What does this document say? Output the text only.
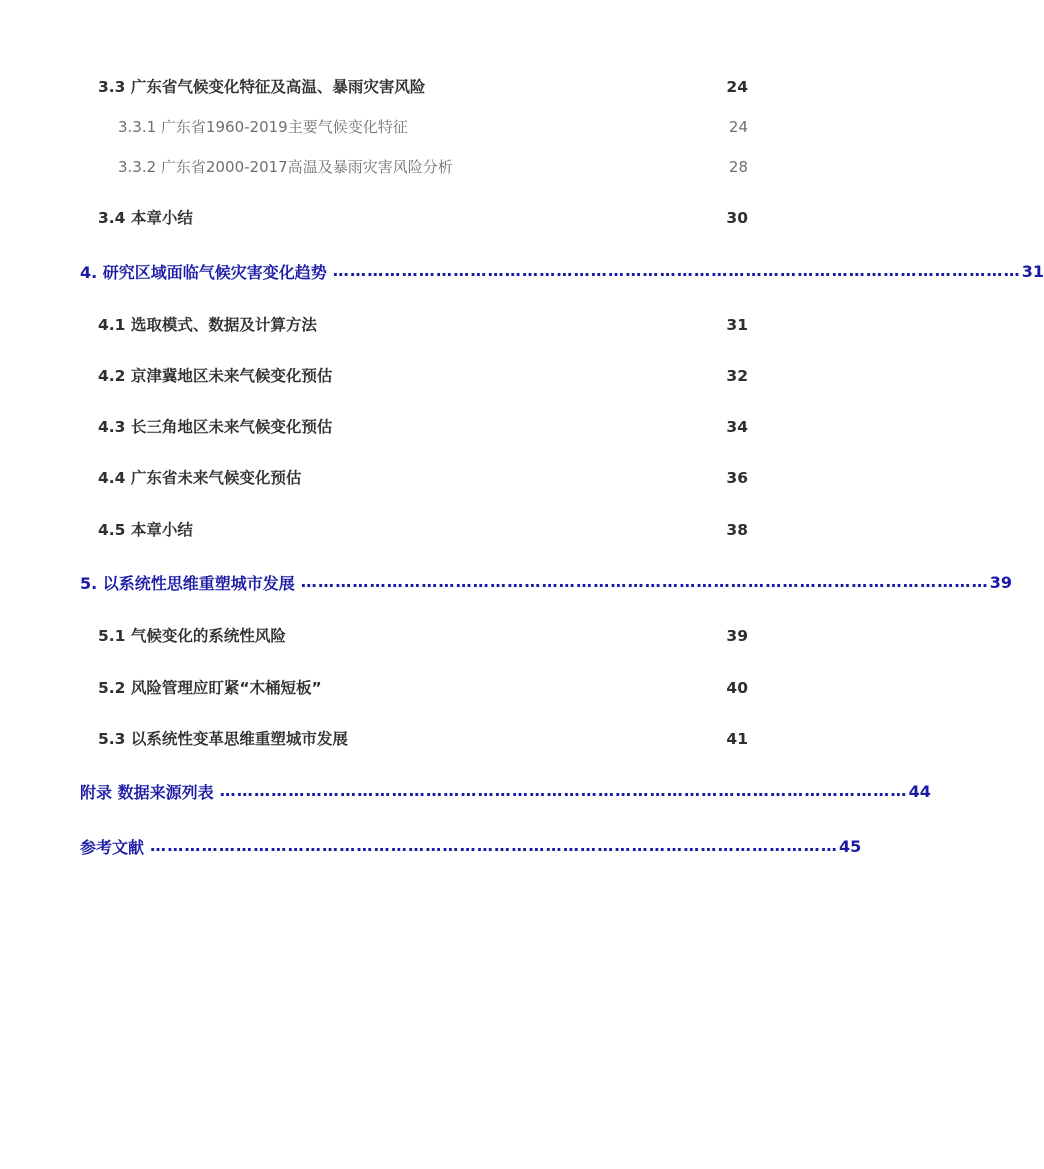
3.3 广东省气候变化特征及高温、暴雨灾害风险	24
3.3.1 广东省1960-2019主要气候变化特征	24
3.3.2 广东省2000-2017高温及暴雨灾害风险分析	28
3.4 本章小结	30
4. 研究区域面临气候灾害变化趋势 ………………………………………………………………………………………………………… 31
4.1 选取模式、数据及计算方法	31
4.2 京津冀地区未来气候变化预估	32
4.3 长三角地区未来气候变化预估	34
4.4 广东省未来气候变化预估	36
4.5 本章小结	38
5. 以系统性思维重塑城市发展 ………………………………………………………………………………………………………… 39
5.1 气候变化的系统性风险	39
5.2 风险管理应盯紧“木桶短板”	40
5.3 以系统性变革思维重塑城市发展	41
附录 数据来源列表 ………………………………………………………………………………………………………… 44
参考文献 ………………………………………………………………………………………………………… 45
